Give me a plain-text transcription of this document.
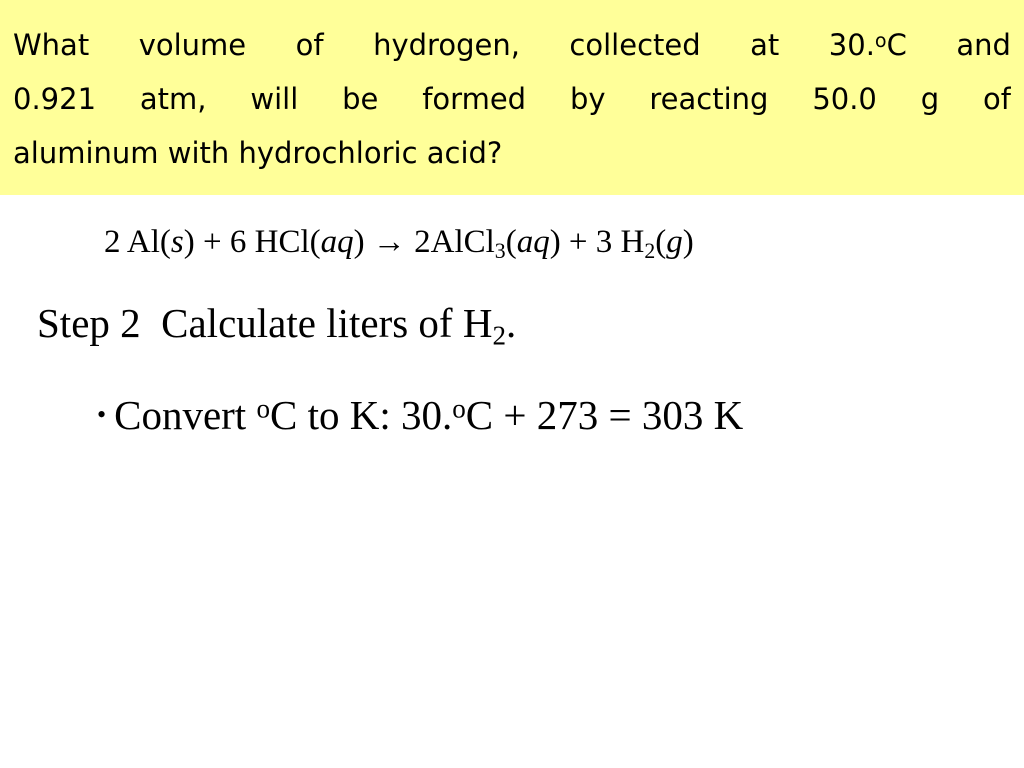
What volume of hydrogen, collected at 30.$^o$C and
0.921 atm, will be formed by reacting 50.0 g of
aluminum with hydrochloric acid?
2 Al(s) + 6 HCl(aq) → 2AlCl$_3$(aq) + 3 $H_2(g)$
Step 2  Calculate liters of $H_2$.
• Convert $^o$C to K: 30.$^o$C + 273 = 303 K
